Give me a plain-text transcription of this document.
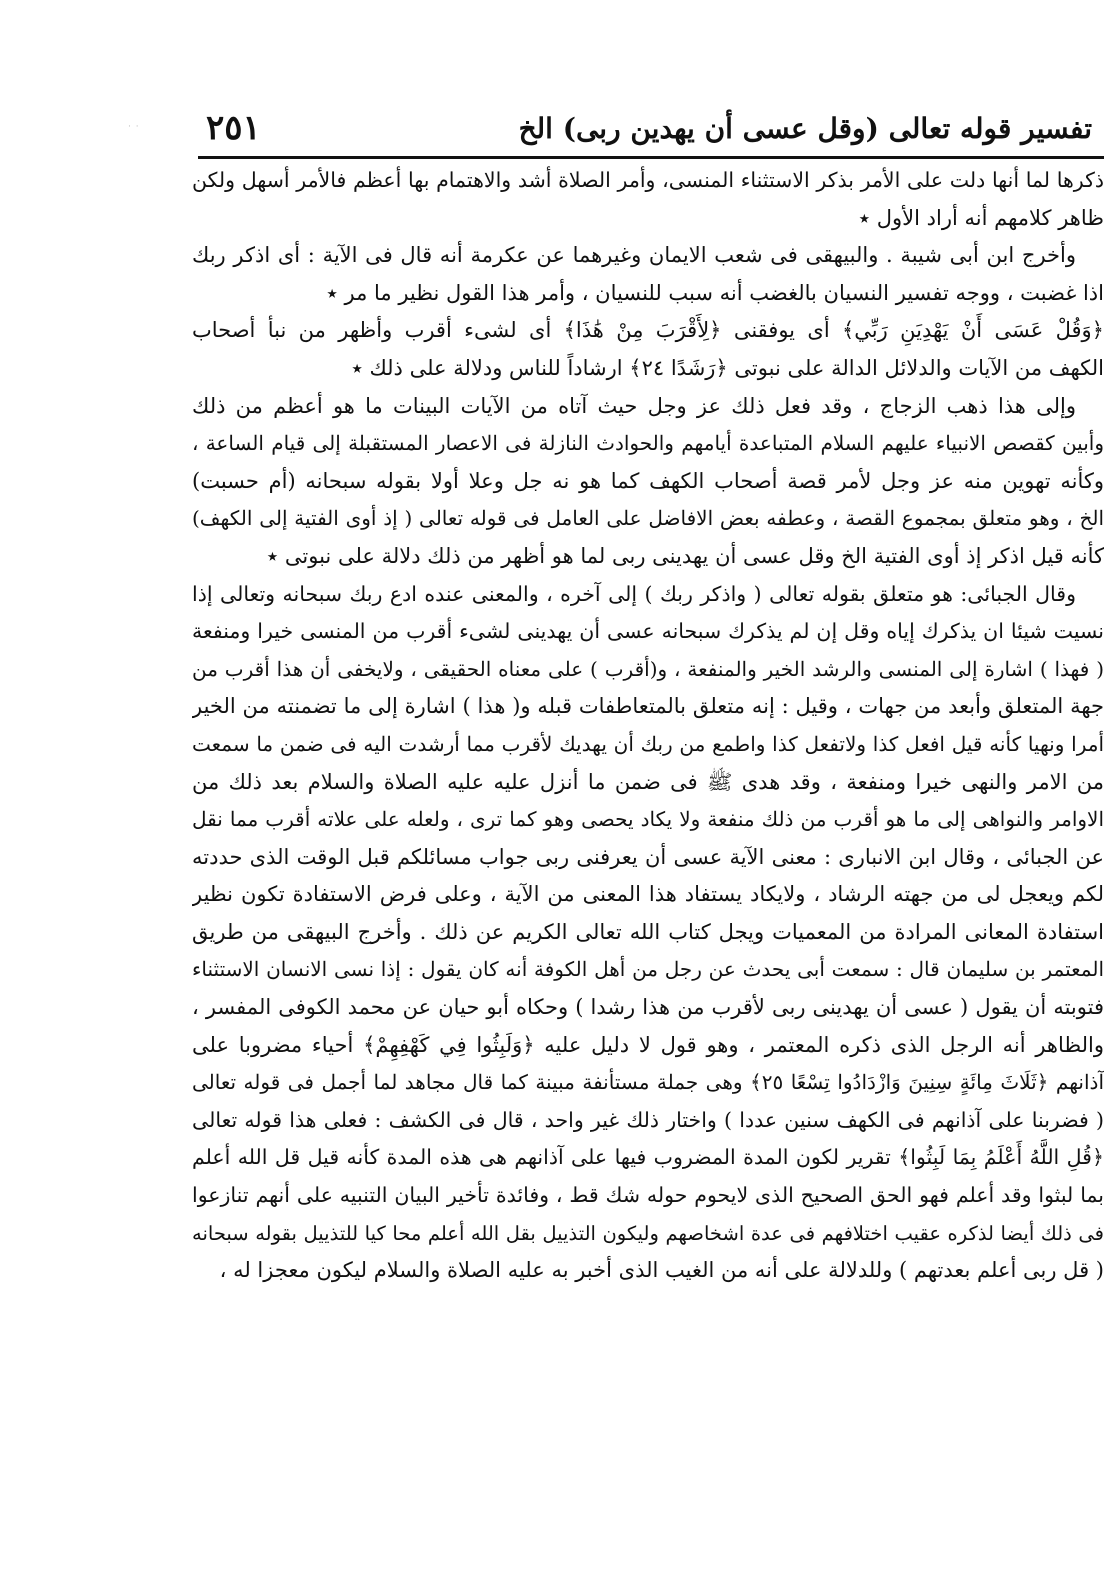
· ·	تفسير قوله تعالى (وقل عسى أن يهدين ربى) الخ
٢٥١
ذكرها لما أنها دلت على الأمر بذكر الاستثناء المنسى، وأمر الصلاة أشد والاهتمام بها أعظم فالأمر أسهل ولكن
ظاهر كلامهم أنه أراد الأول ٭
وأخرج ابن أبى شيبة . والبيهقى فى شعب الايمان وغيرهما عن عكرمة أنه قال فى الآية : أى اذكر ربك
اذا غضبت ، ووجه تفسير النسيان بالغضب أنه سبب للنسيان ، وأمر هذا القول نظير ما مر ٭
﴿وَقُلْ عَسَى أَنْ يَهْدِيَنِ رَبِّي﴾ أى يوفقنى ﴿لِأَقْرَبَ مِنْ هَٰذَا﴾ أى لشىء أقرب وأظهر من نبأ أصحاب
الكهف من الآيات والدلائل الدالة على نبوتى ﴿رَشَدًا ٢٤﴾ ارشاداً للناس ودلالة على ذلك ٭
وإلى هذا ذهب الزجاج ، وقد فعل ذلك عز وجل حيث آتاه من الآيات البينات ما هو أعظم من ذلك
وأبين كقصص الانبياء عليهم السلام المتباعدة أيامهم والحوادث النازلة فى الاعصار المستقبلة إلى قيام الساعة ،
وكأنه تهوين منه عز وجل لأمر قصة أصحاب الكهف كما هو نه جل وعلا أولا بقوله سبحانه (أم حسبت)
الخ ، وهو متعلق بمجموع القصة ، وعطفه بعض الافاضل على العامل فى قوله تعالى ( إذ أوى الفتية إلى الكهف)
كأنه قيل اذكر إذ أوى الفتية الخ وقل عسى أن يهدينى ربى لما هو أظهر من ذلك دلالة على نبوتى ٭
وقال الجبائى: هو متعلق بقوله تعالى ( واذكر ربك ) إلى آخره ، والمعنى عنده ادع ربك سبحانه وتعالى إذا
نسيت شيئا ان يذكرك إياه وقل إن لم يذكرك سبحانه عسى أن يهدينى لشىء أقرب من المنسى خيرا ومنفعة
( فهذا ) اشارة إلى المنسى والرشد الخير والمنفعة ، و(أقرب ) على معناه الحقيقى ، ولايخفى أن هذا أقرب من
جهة المتعلق وأبعد من جهات ، وقيل : إنه متعلق بالمتعاطفات قبله و( هذا ) اشارة إلى ما تضمنته من الخير
أمرا ونهيا كأنه قيل افعل كذا ولاتفعل كذا واطمع من ربك أن يهديك لأقرب مما أرشدت اليه فى ضمن ما سمعت
من الامر والنهى خيرا ومنفعة ، وقد هدى ﷺ فى ضمن ما أنزل عليه عليه الصلاة والسلام بعد ذلك من
الاوامر والنواهى إلى ما هو أقرب من ذلك منفعة ولا يكاد يحصى وهو كما ترى ، ولعله على علاته أقرب مما نقل
عن الجبائى ، وقال ابن الانبارى : معنى الآية عسى أن يعرفنى ربى جواب مسائلكم قبل الوقت الذى حددته
لكم ويعجل لى من جهته الرشاد ، ولايكاد يستفاد هذا المعنى من الآية ، وعلى فرض الاستفادة تكون نظير
استفادة المعانى المرادة من المعميات ويجل كتاب الله تعالى الكريم عن ذلك . وأخرج البيهقى من طريق
المعتمر بن سليمان قال : سمعت أبى يحدث عن رجل من أهل الكوفة أنه كان يقول : إذا نسى الانسان الاستثناء
فتوبته أن يقول ( عسى أن يهدينى ربى لأقرب من هذا رشدا ) وحكاه أبو حيان عن محمد الكوفى المفسر ،
والظاهر أنه الرجل الذى ذكره المعتمر ، وهو قول لا دليل عليه ﴿وَلَبِثُوا فِي كَهْفِهِمْ﴾ أحياء مضروبا على
آذانهم ﴿ثَلَاثَ مِائَةٍ سِنِينَ وَازْدَادُوا تِسْعًا ٢٥﴾ وهى جملة مستأنفة مبينة كما قال مجاهد لما أجمل فى قوله تعالى
( فضربنا على آذانهم فى الكهف سنين عددا ) واختار ذلك غير واحد ، قال فى الكشف : فعلى هذا قوله تعالى
﴿قُلِ اللَّهُ أَعْلَمُ بِمَا لَبِثُوا﴾ تقرير لكون المدة المضروب فيها على آذانهم هى هذه المدة كأنه قيل قل الله أعلم
بما لبثوا وقد أعلم فهو الحق الصحيح الذى لايحوم حوله شك قط ، وفائدة تأخير البيان التنبيه على أنهم تنازعوا
فى ذلك أيضا لذكره عقيب اختلافهم فى عدة اشخاصهم وليكون التذييل بقل الله أعلم محا كيا للتذييل بقوله سبحانه
( قل ربى أعلم بعدتهم ) وللدلالة على أنه من الغيب الذى أخبر به عليه الصلاة والسلام ليكون معجزا له ،
